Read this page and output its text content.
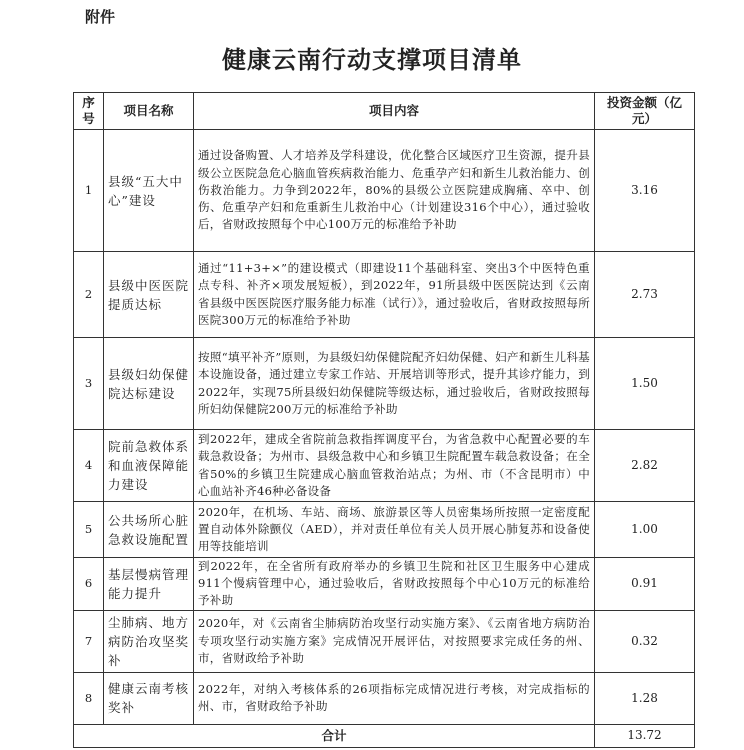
附件
健康云南行动支撑项目清单
序号	项目名称	项目内容	投资金额（亿元）
1	县级“五大中心”建设	通过设备购置、人才培养及学科建设，优化整合区域医疗卫生资源，提升县级公立医院急危心脑血管疾病救治能力、危重孕产妇和新生儿救治能力、创伤救治能力。力争到2022年，80%的县级公立医院建成胸痛、卒中、创伤、危重孕产妇和危重新生儿救治中心（计划建设316个中心），通过验收后，省财政按照每个中心100万元的标准给予补助	3.16
2	县级中医医院提质达标	通过“11+3+×”的建设模式（即建设11个基础科室、突出3个中医特色重点专科、补齐×项发展短板），到2022年，91所县级中医医院达到《云南省县级中医医院医疗服务能力标准（试行）》，通过验收后，省财政按照每所医院300万元的标准给予补助	2.73
3	县级妇幼保健院达标建设	按照“填平补齐”原则，为县级妇幼保健院配齐妇幼保健、妇产和新生儿科基本设施设备，通过建立专家工作站、开展培训等形式，提升其诊疗能力，到2022年，实现75所县级妇幼保健院等级达标，通过验收后，省财政按照每所妇幼保健院200万元的标准给予补助	1.50
4	院前急救体系和血液保障能力建设	到2022年，建成全省院前急救指挥调度平台，为省急救中心配置必要的车载急救设备；为州市、县级急救中心和乡镇卫生院配置车载急救设备；在全省50%的乡镇卫生院建成心脑血管救治站点；为州、市（不含昆明市）中心血站补齐46种必备设备	2.82
5	公共场所心脏急救设施配置	2020年，在机场、车站、商场、旅游景区等人员密集场所按照一定密度配置自动体外除颤仪（AED），并对责任单位有关人员开展心肺复苏和设备使用等技能培训	1.00
6	基层慢病管理能力提升	到2022年，在全省所有政府举办的乡镇卫生院和社区卫生服务中心建成911个慢病管理中心，通过验收后，省财政按照每个中心10万元的标准给予补助	0.91
7	尘肺病、地方病防治攻坚奖补	2020年，对《云南省尘肺病防治攻坚行动实施方案》、《云南省地方病防治专项攻坚行动实施方案》完成情况开展评估，对按照要求完成任务的州、市，省财政给予补助	0.32
8	健康云南考核奖补	2022年，对纳入考核体系的26项指标完成情况进行考核，对完成指标的州、市，省财政给予补助	1.28
合计			13.72
